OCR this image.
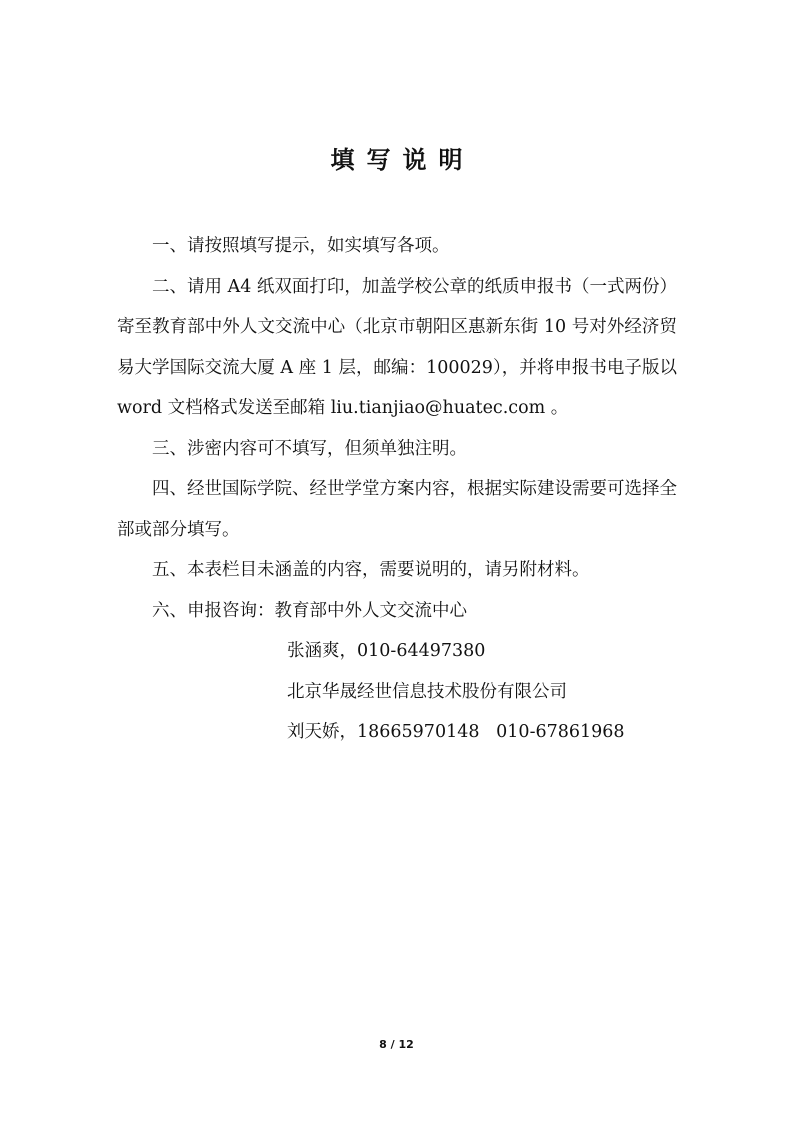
填写说明

一、请按照填写提示，如实填写各项。

二、请用 A4 纸双面打印，加盖学校公章的纸质申报书（一式两份）寄至教育部中外人文交流中心（北京市朝阳区惠新东街 10 号对外经济贸易大学国际交流大厦 A 座 1 层，邮编：100029），并将申报书电子版以 word 文档格式发送至邮箱 liu.tianjiao@huatec.com 。

三、涉密内容可不填写，但须单独注明。

四、经世国际学院、经世学堂方案内容，根据实际建设需要可选择全部或部分填写。

五、本表栏目未涵盖的内容，需要说明的，请另附材料。

六、申报咨询：教育部中外人文交流中心

张涵爽，010-64497380

北京华晟经世信息技术股份有限公司

刘天娇，18665970148   010-67861968

8 / 12
